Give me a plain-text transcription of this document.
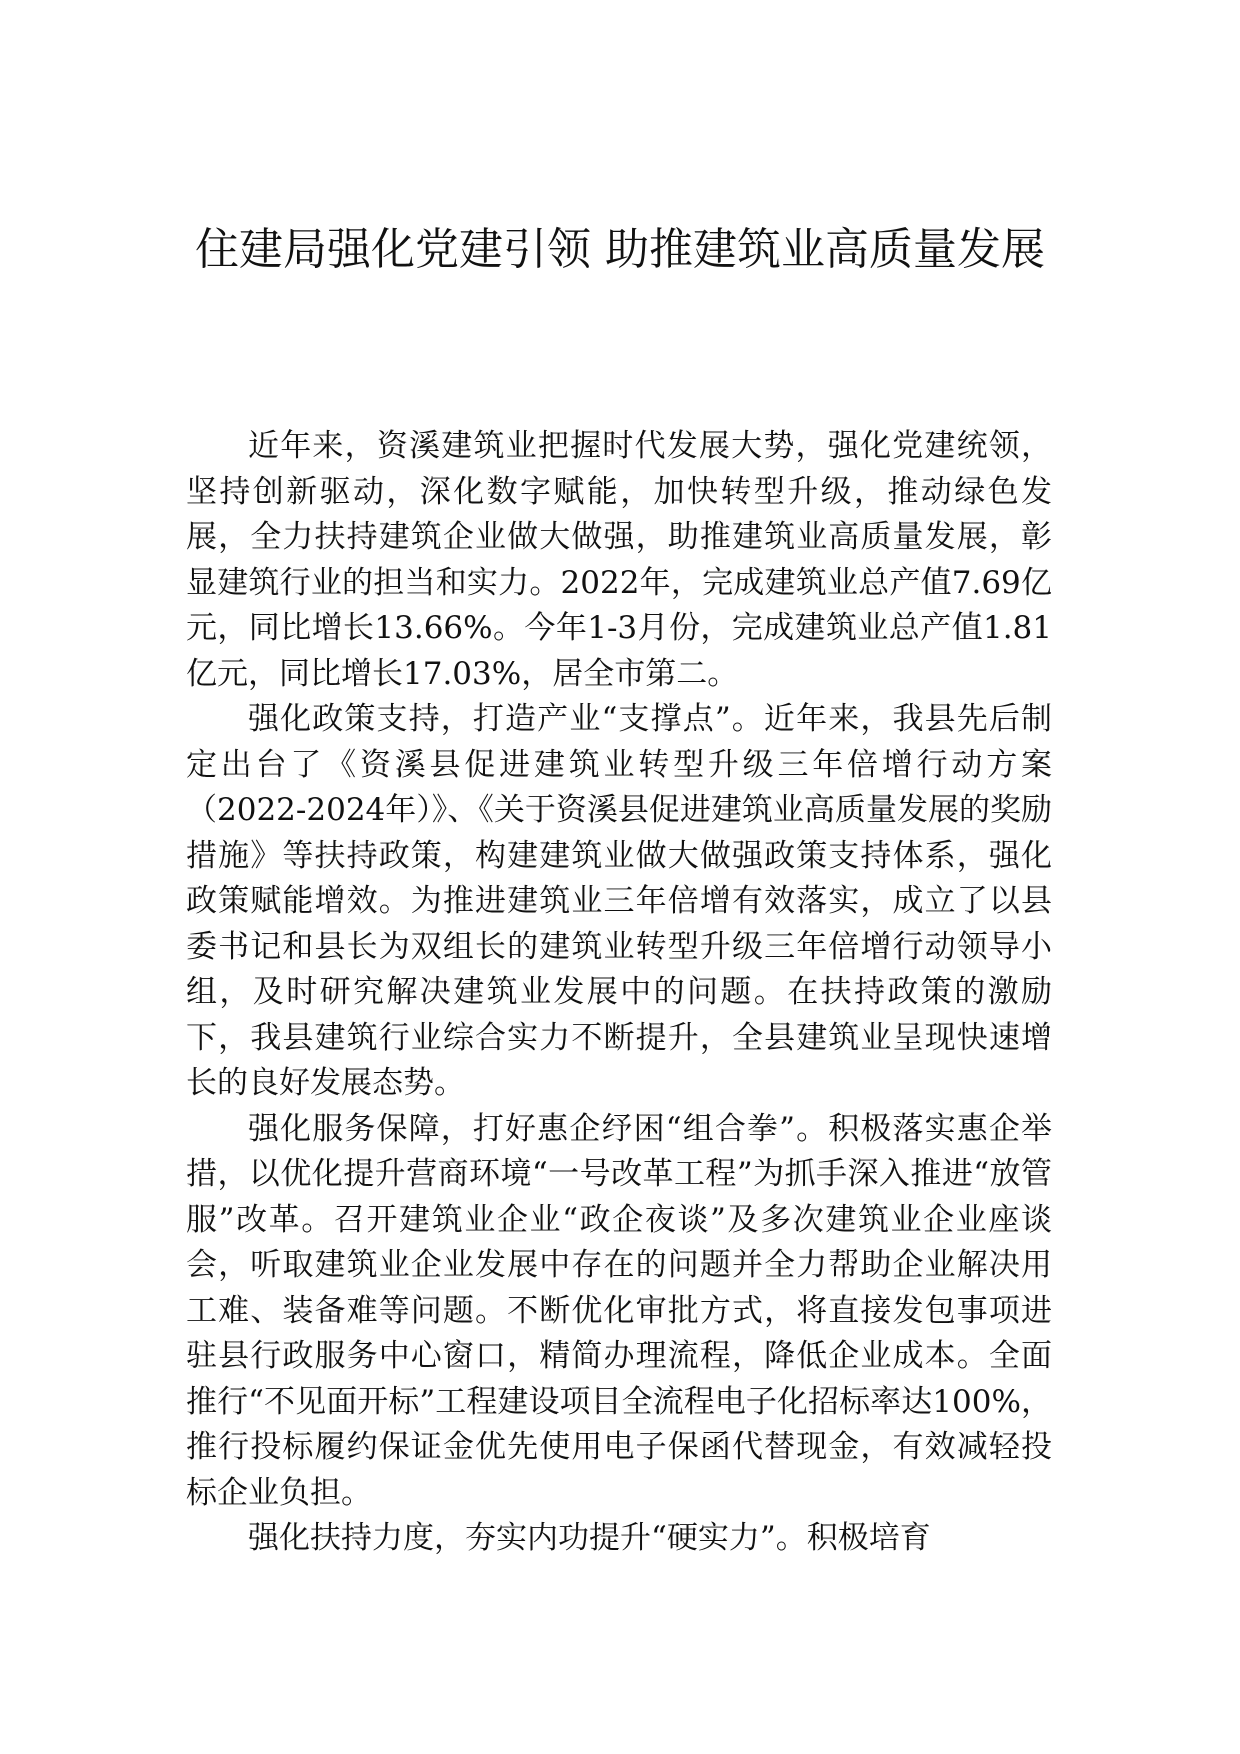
住建局强化党建引领 助推建筑业高质量发展

近年来，资溪建筑业把握时代发展大势，强化党建统领，坚持创新驱动，深化数字赋能，加快转型升级，推动绿色发展，全力扶持建筑企业做大做强，助推建筑业高质量发展，彰显建筑行业的担当和实力。2022年，完成建筑业总产值7.69亿元，同比增长13.66%。今年1-3月份，完成建筑业总产值1.81亿元，同比增长17.03%，居全市第二。

强化政策支持，打造产业“支撑点”。近年来，我县先后制定出台了《资溪县促进建筑业转型升级三年倍增行动方案（2022-2024年）》、《关于资溪县促进建筑业高质量发展的奖励措施》等扶持政策，构建建筑业做大做强政策支持体系，强化政策赋能增效。为推进建筑业三年倍增有效落实，成立了以县委书记和县长为双组长的建筑业转型升级三年倍增行动领导小组，及时研究解决建筑业发展中的问题。在扶持政策的激励下，我县建筑行业综合实力不断提升，全县建筑业呈现快速增长的良好发展态势。

强化服务保障，打好惠企纾困“组合拳”。积极落实惠企举措，以优化提升营商环境“一号改革工程”为抓手深入推进“放管服”改革。召开建筑业企业“政企夜谈”及多次建筑业企业座谈会，听取建筑业企业发展中存在的问题并全力帮助企业解决用工难、装备难等问题。不断优化审批方式，将直接发包事项进驻县行政服务中心窗口，精简办理流程，降低企业成本。全面推行“不见面开标”工程建设项目全流程电子化招标率达100%，推行投标履约保证金优先使用电子保函代替现金，有效减轻投标企业负担。

强化扶持力度，夯实内功提升“硬实力”。积极培育
